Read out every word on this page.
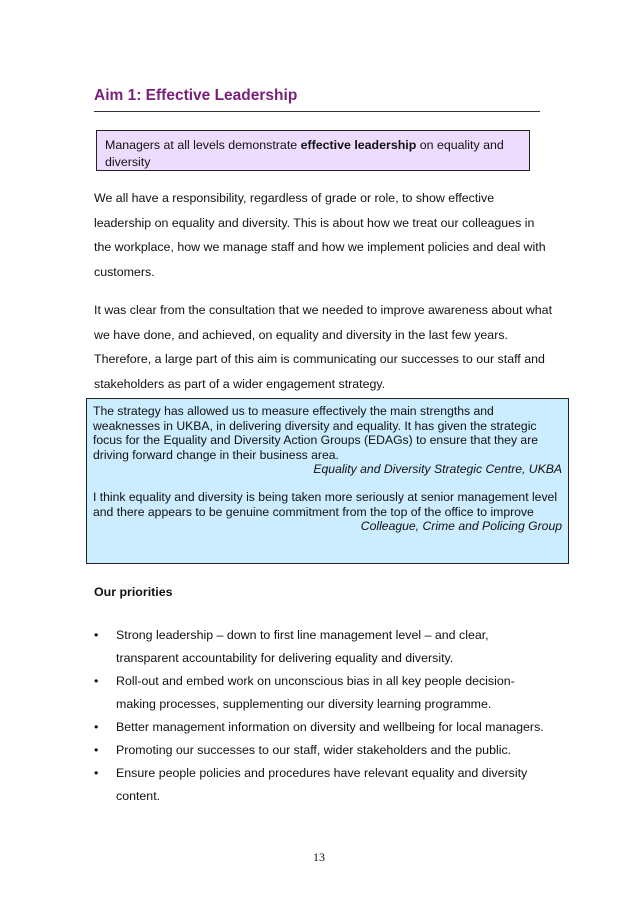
Aim 1: Effective Leadership
Managers at all levels demonstrate effective leadership on equality and diversity
We all have a responsibility, regardless of grade or role, to show effective leadership on equality and diversity. This is about how we treat our colleagues in the workplace, how we manage staff and how we implement policies and deal with customers.
It was clear from the consultation that we needed to improve awareness about what we have done, and achieved, on equality and diversity in the last few years. Therefore, a large part of this aim is communicating our successes to our staff and stakeholders as part of a wider engagement strategy.

The strategy has allowed us to measure effectively the main strengths and weaknesses in UKBA, in delivering diversity and equality. It has given the strategic focus for the Equality and Diversity Action Groups (EDAGs) to ensure that they are driving forward change in their business area.

Equality and Diversity Strategic Centre, UKBA

I think equality and diversity is being taken more seriously at senior management level and there appears to be genuine commitment from the top of the office to improve

Colleague, Crime and Policing Group

Our priorities
•	Strong leadership – down to first line management level – and clear, transparent accountability for delivering equality and diversity.
•	Roll-out and embed work on unconscious bias in all key people decision-making processes, supplementing our diversity learning programme.
•	Better management information on diversity and wellbeing for local managers.
•	Promoting our successes to our staff, wider stakeholders and the public.
•	Ensure people policies and procedures have relevant equality and diversity content.
13
